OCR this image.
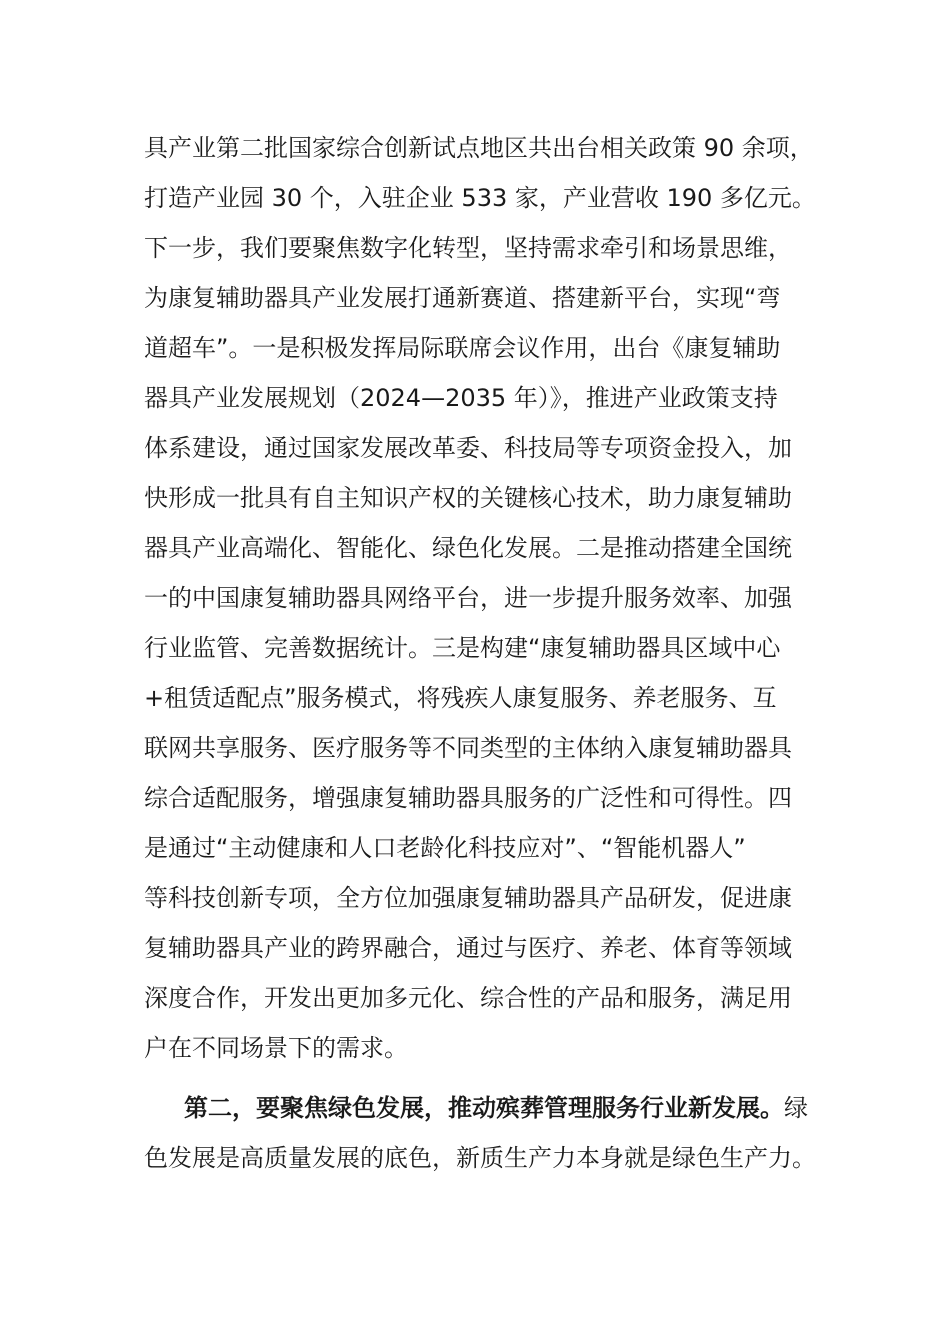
具产业第二批国家综合创新试点地区共出台相关政策 90 余项，
打造产业园 30 个，入驻企业 533 家，产业营收 190 多亿元。
下一步，我们要聚焦数字化转型，坚持需求牵引和场景思维，
为康复辅助器具产业发展打通新赛道、搭建新平台，实现“弯
道超车”。一是积极发挥局际联席会议作用，出台《康复辅助
器具产业发展规划（2024—2035 年）》，推进产业政策支持
体系建设，通过国家发展改革委、科技局等专项资金投入，加
快形成一批具有自主知识产权的关键核心技术，助力康复辅助
器具产业高端化、智能化、绿色化发展。二是推动搭建全国统
一的中国康复辅助器具网络平台，进一步提升服务效率、加强
行业监管、完善数据统计。三是构建“康复辅助器具区域中心
+租赁适配点”服务模式，将残疾人康复服务、养老服务、互
联网共享服务、医疗服务等不同类型的主体纳入康复辅助器具
综合适配服务，增强康复辅助器具服务的广泛性和可得性。四
是通过“主动健康和人口老龄化科技应对”、“智能机器人”
等科技创新专项，全方位加强康复辅助器具产品研发，促进康
复辅助器具产业的跨界融合，通过与医疗、养老、体育等领域
深度合作，开发出更加多元化、综合性的产品和服务，满足用
户在不同场景下的需求。
第二，要聚焦绿色发展，推动殡葬管理服务行业新发展。绿
色发展是高质量发展的底色，新质生产力本身就是绿色生产力。
